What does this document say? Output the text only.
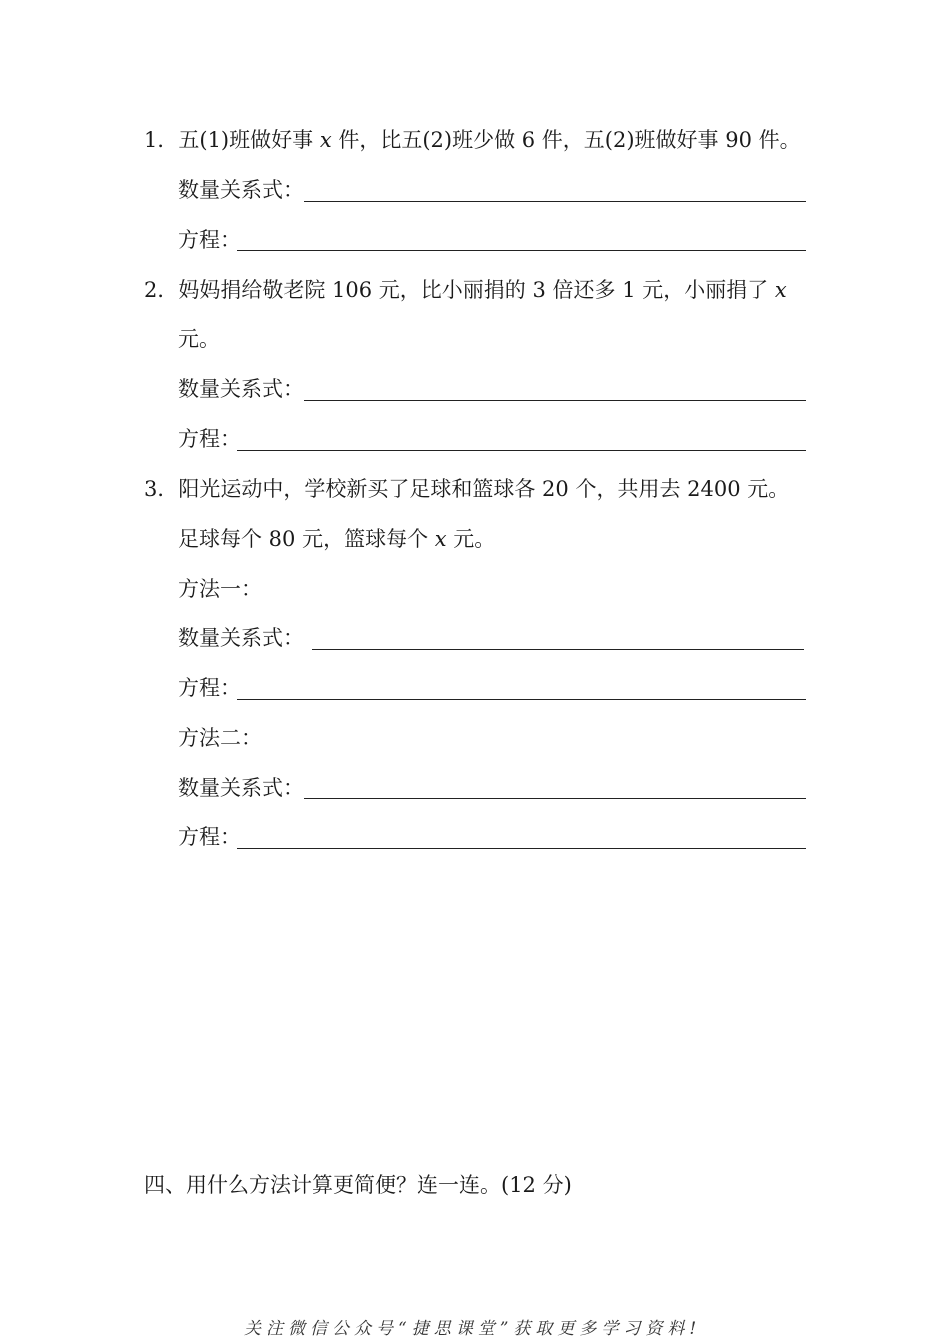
1．五(1)班做好事 x 件，比五(2)班少做 6 件，五(2)班做好事 90 件。
数量关系式：
方程：
2．妈妈捐给敬老院 106 元，比小丽捐的 3 倍还多 1 元，小丽捐了 x
元。
数量关系式：
方程：
3．阳光运动中，学校新买了足球和篮球各 20 个，共用去 2400 元。
足球每个 80 元，篮球每个 x 元。
方法一：
数量关系式：
方程：
方法二：
数量关系式：
方程：
四、用什么方法计算更简便？连一连。(12 分)
关注微信公众号“捷思课堂”获取更多学习资料!
